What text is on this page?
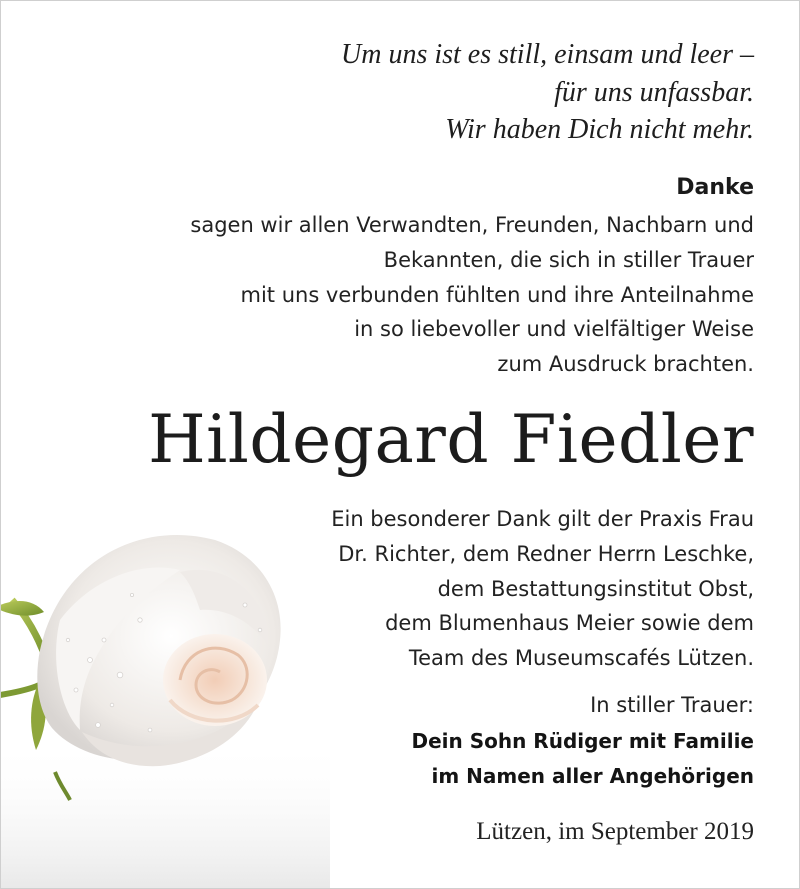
Um uns ist es still, einsam und leer –
für uns unfassbar.
Wir haben Dich nicht mehr.
Danke
sagen wir allen Verwandten, Freunden, Nachbarn und
Bekannten, die sich in stiller Trauer
mit uns verbunden fühlten und ihre Anteilnahme
in so liebevoller und vielfältiger Weise
zum Ausdruck brachten.
Hildegard Fiedler
Ein besonderer Dank gilt der Praxis Frau
Dr. Richter, dem Redner Herrn Leschke,
dem Bestattungsinstitut Obst,
dem Blumenhaus Meier sowie dem
Team des Museumscafés Lützen.
In stiller Trauer:
Dein Sohn Rüdiger mit Familie
im Namen aller Angehörigen
Lützen, im September 2019
